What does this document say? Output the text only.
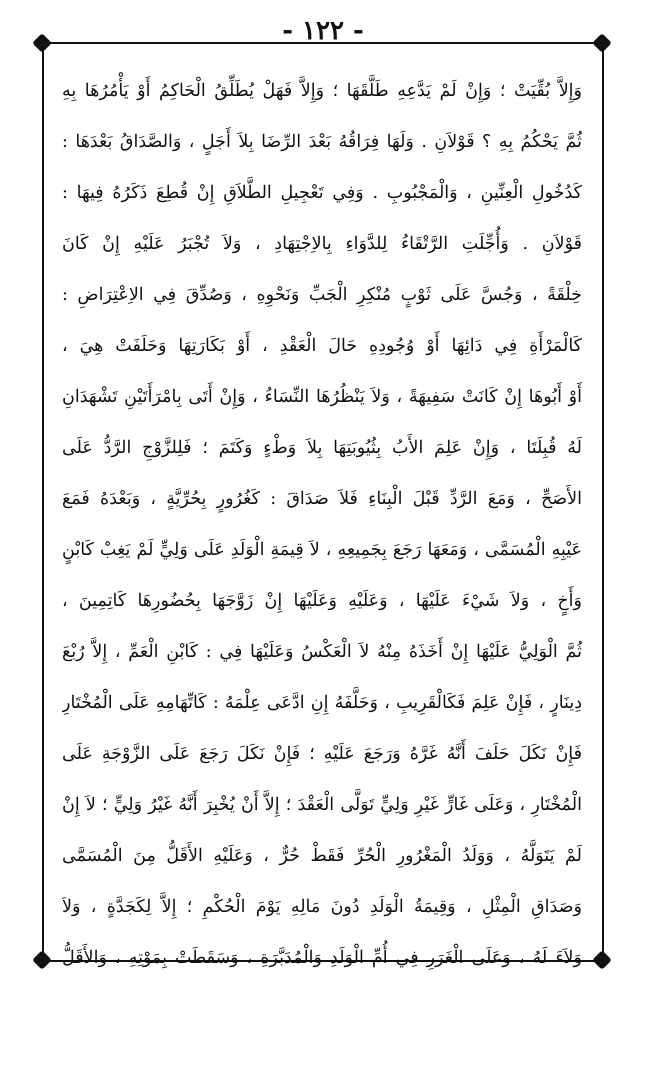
- ١٢٢ -
وَإِلاَّ بُقِّيَتْ ؛ وَإِنْ لَمْ يَدَّعِهِ طَلَّقَهَا ؛ وَإِلاَّ فَهَلْ يُطَلِّقُ الْحَاكِمُ أَوْ يَأْمُرُهَا بِهِ
ثُمَّ يَحْكُمُ بِهِ ؟ قَوْلاَنِ . وَلَهَا فِرَاقُهُ بَعْدَ الرِّضَا بِلاَ أَجَلٍ ، وَالصَّدَاقُ بَعْدَهَا :
كَدُخُولِ الْعِنِّينِ ، وَالْمَجْبُوبِ . وَفِي تَعْجِيلِ الطَّلاَقِ إِنْ قُطِعَ ذَكَرُهُ فِيهَا :
قَوْلاَنِ . وَأُجِّلَتِ الرَّتْقَاءُ لِلدَّوَاءِ بِالاِجْتِهَادِ ، وَلاَ تُجْبَرُ عَلَيْهِ إِنْ كَانَ
خِلْقَةً ، وَجُسَّ عَلَى ثَوْبٍ مُنْكِرِ الْجَبِّ وَنَحْوِهِ ، وَصُدِّقَ فِي الاِعْتِرَاضِ :
كَالْمَرْأَةِ فِي دَائِهَا أَوْ وُجُودِهِ حَالَ الْعَقْدِ ، أَوْ بَكَارَتِهَا وَحَلَفَتْ هِيَ ،
أَوْ أَبُوهَا إِنْ كَانَتْ سَفِيهَةً ، وَلاَ يَنْظُرُهَا النِّسَاءُ ، وَإِنْ أَتَى بِامْرَأَتَيْنِ تَشْهَدَانِ
لَهُ قُبِلَتَا ، وَإِنْ عَلِمَ الأَبُ بِثُيُوبَتِهَا بِلاَ وَطْءٍ وَكَتَمَ ؛ فَلِلزَّوْجِ الرَّدُّ عَلَى
الأَصَحِّ ، وَمَعَ الرَّدِّ قَبْلَ الْبِنَاءِ فَلاَ صَدَاقَ : كَغُرُورٍ بِحُرِّيَّةٍ ، وَبَعْدَهُ فَمَعَ
عَيْبِهِ الْمُسَمَّى ، وَمَعَهَا رَجَعَ بِجَمِيعِهِ ، لاَ قِيمَةِ الْوَلَدِ عَلَى وَلِيٍّ لَمْ يَغِبْ كَابْنٍ
وَأَخٍ ، وَلاَ شَيْءَ عَلَيْهَا ، وَعَلَيْهِ وَعَلَيْهَا إِنْ زَوَّجَهَا بِحُضُورِهَا كَاتِمِينَ ،
ثُمَّ الْوَلِيُّ عَلَيْهَا إِنْ أَخَذَهُ مِنْهُ لاَ الْعَكْسُ وَعَلَيْهَا فِي : كَابْنِ الْعَمِّ ، إِلاَّ رُبْعَ
دِينَارٍ ، فَإِنْ عَلِمَ فَكَالْقَرِيبِ ، وَحَلَّفَهُ إِنِ ادَّعَى عِلْمَهُ : كَاتِّهَامِهِ عَلَى الْمُخْتَارِ
فَإِنْ نَكَلَ حَلَفَ أَنَّهُ غَرَّهُ وَرَجَعَ عَلَيْهِ ؛ فَإِنْ نَكَلَ رَجَعَ عَلَى الزَّوْجَةِ عَلَى
الْمُخْتَارِ ، وَعَلَى غَارٍّ غَيْرِ وَلِيٍّ تَوَلَّى الْعَقْدَ ؛ إِلاَّ أَنْ يُخْبِرَ أَنَّهُ غَيْرُ وَلِيٍّ ؛ لاَ إِنْ
لَمْ يَتَوَلَّهُ ، وَوَلَدُ الْمَغْرُورِ الْحُرِّ فَقَطْ حُرٌّ ، وَعَلَيْهِ الأَقَلُّ مِنَ الْمُسَمَّى
وَصَدَاقِ الْمِثْلِ ، وَقِيمَةُ الْوَلَدِ دُونَ مَالِهِ يَوْمَ الْحُكْمِ ؛ إِلاَّ لِكَجَدَّةٍ ، وَلاَ
وَلاَءَ لَهُ ، وَعَلَى الْغَرَرِ فِي أُمِّ الْوَلَدِ وَالْمُدَبَّرَةِ ، وَسَقَطَتْ بِمَوْتِهِ ، وَالأَقَلُّ
